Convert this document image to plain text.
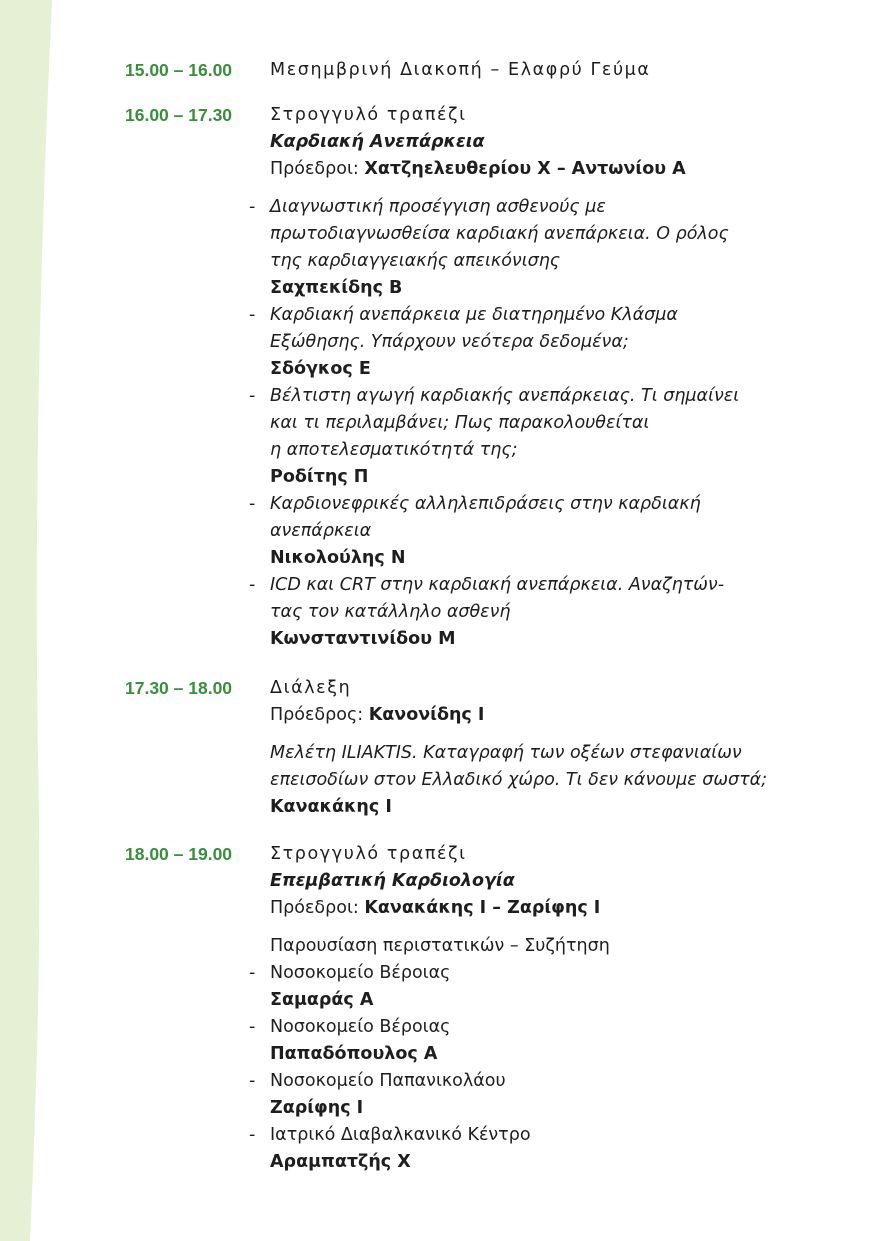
15.00 – 16.00 Μεσημβρινή Διακοπή – Ελαφρύ Γεύμα
16.00 – 17.30 Στρογγυλό τραπέζι
Καρδιακή Ανεπάρκεια
Πρόεδροι: Χατζηελευθερίου Χ – Αντωνίου Α
- Διαγνωστική προσέγγιση ασθενούς με
πρωτοδιαγνωσθείσα καρδιακή ανεπάρκεια. Ο ρόλος
της καρδιαγγειακής απεικόνισης
Σαχπεκίδης Β
- Καρδιακή ανεπάρκεια με διατηρημένο Κλάσμα
Εξώθησης. Υπάρχουν νεότερα δεδομένα;
Σδόγκος Ε
- Βέλτιστη αγωγή καρδιακής ανεπάρκειας. Τι σημαίνει
και τι περιλαμβάνει; Πως παρακολουθείται
η αποτελεσματικότητά της;
Ροδίτης Π
- Καρδιονεφρικές αλληλεπιδράσεις στην καρδιακή
ανεπάρκεια
Νικολούλης Ν
- ICD και CRT στην καρδιακή ανεπάρκεια. Αναζητών-
τας τον κατάλληλο ασθενή
Κωνσταντινίδου Μ
17.30 – 18.00 Διάλεξη
Πρόεδρος: Κανονίδης Ι
Μελέτη ILIAKTIS. Καταγραφή των οξέων στεφανιαίων
επεισοδίων στον Ελλαδικό χώρο. Τι δεν κάνουμε σωστά;
Κανακάκης Ι
18.00 – 19.00 Στρογγυλό τραπέζι
Επεμβατική Καρδιολογία
Πρόεδροι: Κανακάκης Ι – Ζαρίφης Ι
Παρουσίαση περιστατικών – Συζήτηση
- Νοσοκομείο Βέροιας
Σαμαράς Α
- Νοσοκομείο Βέροιας
Παπαδόπουλος Α
- Νοσοκομείο Παπανικολάου
Ζαρίφης Ι
- Ιατρικό Διαβαλκανικό Κέντρο
Αραμπατζής Χ
